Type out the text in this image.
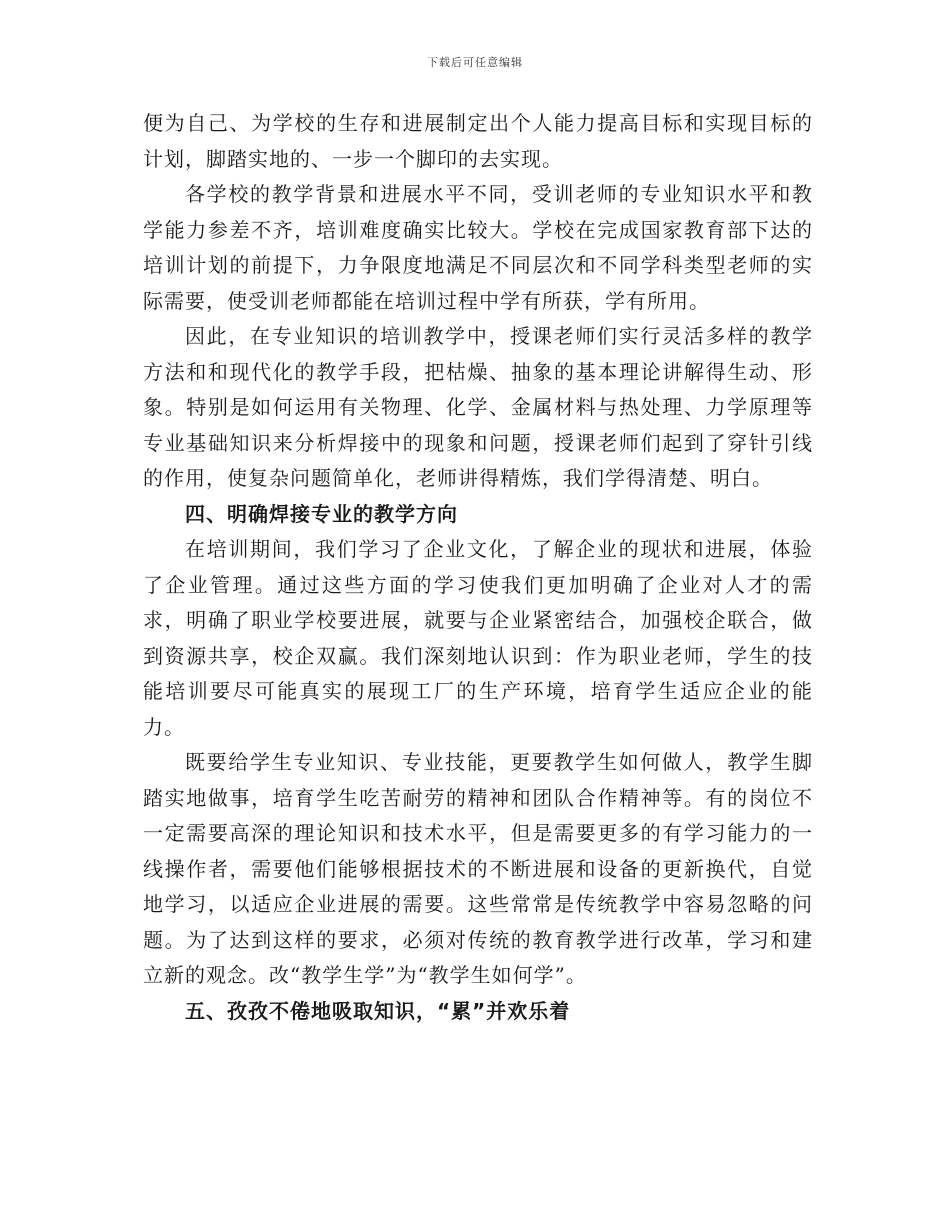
下载后可任意编辑

便为自己、为学校的生存和进展制定出个人能力提高目标和实现目标的计划，脚踏实地的、一步一个脚印的去实现。

各学校的教学背景和进展水平不同，受训老师的专业知识水平和教学能力参差不齐，培训难度确实比较大。学校在完成国家教育部下达的培训计划的前提下，力争限度地满足不同层次和不同学科类型老师的实际需要，使受训老师都能在培训过程中学有所获，学有所用。

因此，在专业知识的培训教学中，授课老师们实行灵活多样的教学方法和和现代化的教学手段，把枯燥、抽象的基本理论讲解得生动、形象。特别是如何运用有关物理、化学、金属材料与热处理、力学原理等专业基础知识来分析焊接中的现象和问题，授课老师们起到了穿针引线的作用，使复杂问题简单化，老师讲得精炼，我们学得清楚、明白。

四、明确焊接专业的教学方向

在培训期间，我们学习了企业文化，了解企业的现状和进展，体验了企业管理。通过这些方面的学习使我们更加明确了企业对人才的需求，明确了职业学校要进展，就要与企业紧密结合，加强校企联合，做到资源共享，校企双赢。我们深刻地认识到：作为职业老师，学生的技能培训要尽可能真实的展现工厂的生产环境，培育学生适应企业的能力。

既要给学生专业知识、专业技能，更要教学生如何做人，教学生脚踏实地做事，培育学生吃苦耐劳的精神和团队合作精神等。有的岗位不一定需要高深的理论知识和技术水平，但是需要更多的有学习能力的一线操作者，需要他们能够根据技术的不断进展和设备的更新换代，自觉地学习，以适应企业进展的需要。这些常常是传统教学中容易忽略的问题。为了达到这样的要求，必须对传统的教育教学进行改革，学习和建立新的观念。改“教学生学”为“教学生如何学”。

五、孜孜不倦地吸取知识，“累”并欢乐着
